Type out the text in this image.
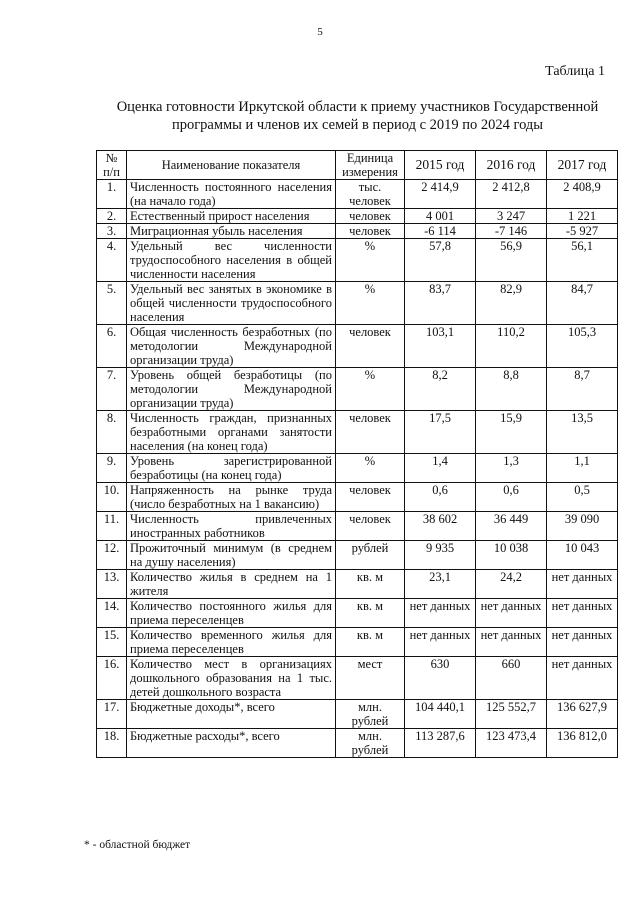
5
Таблица 1
Оценка готовности Иркутской области к приему участников Государственной программы и членов их семей в период с 2019 по 2024 годы
№ п/п	Наименование показателя	Единица измерения	2015 год	2016 год	2017 год
1.	Численность постоянного населения (на начало года)	тыс. человек	2 414,9	2 412,8	2 408,9
2.	Естественный прирост населения	человек	4 001	3 247	1 221
3.	Миграционная убыль населения	человек	-6 114	-7 146	-5 927
4.	Удельный вес численности трудоспособного населения в общей численности населения	%	57,8	56,9	56,1
5.	Удельный вес занятых в экономике в общей численности трудоспособного населения	%	83,7	82,9	84,7
6.	Общая численность безработных (по методологии Международной организации труда)	человек	103,1	110,2	105,3
7.	Уровень общей безработицы (по методологии Международной организации труда)	%	8,2	8,8	8,7
8.	Численность граждан, признанных безработными органами занятости населения (на конец года)	человек	17,5	15,9	13,5
9.	Уровень зарегистрированной безработицы (на конец года)	%	1,4	1,3	1,1
10.	Напряженность на рынке труда (число безработных на 1 вакансию)	человек	0,6	0,6	0,5
11.	Численность привлеченных иностранных работников	человек	38 602	36 449	39 090
12.	Прожиточный минимум (в среднем на душу населения)	рублей	9 935	10 038	10 043
13.	Количество жилья в среднем на 1 жителя	кв. м	23,1	24,2	нет данных
14.	Количество постоянного жилья для приема переселенцев	кв. м	нет данных	нет данных	нет данных
15.	Количество временного жилья для приема переселенцев	кв. м	нет данных	нет данных	нет данных
16.	Количество мест в организациях дошкольного образования на 1 тыс. детей дошкольного возраста	мест	630	660	нет данных
17.	Бюджетные доходы*, всего	млн. рублей	104 440,1	125 552,7	136 627,9
18.	Бюджетные расходы*, всего	млн. рублей	113 287,6	123 473,4	136 812,0
* - областной бюджет
